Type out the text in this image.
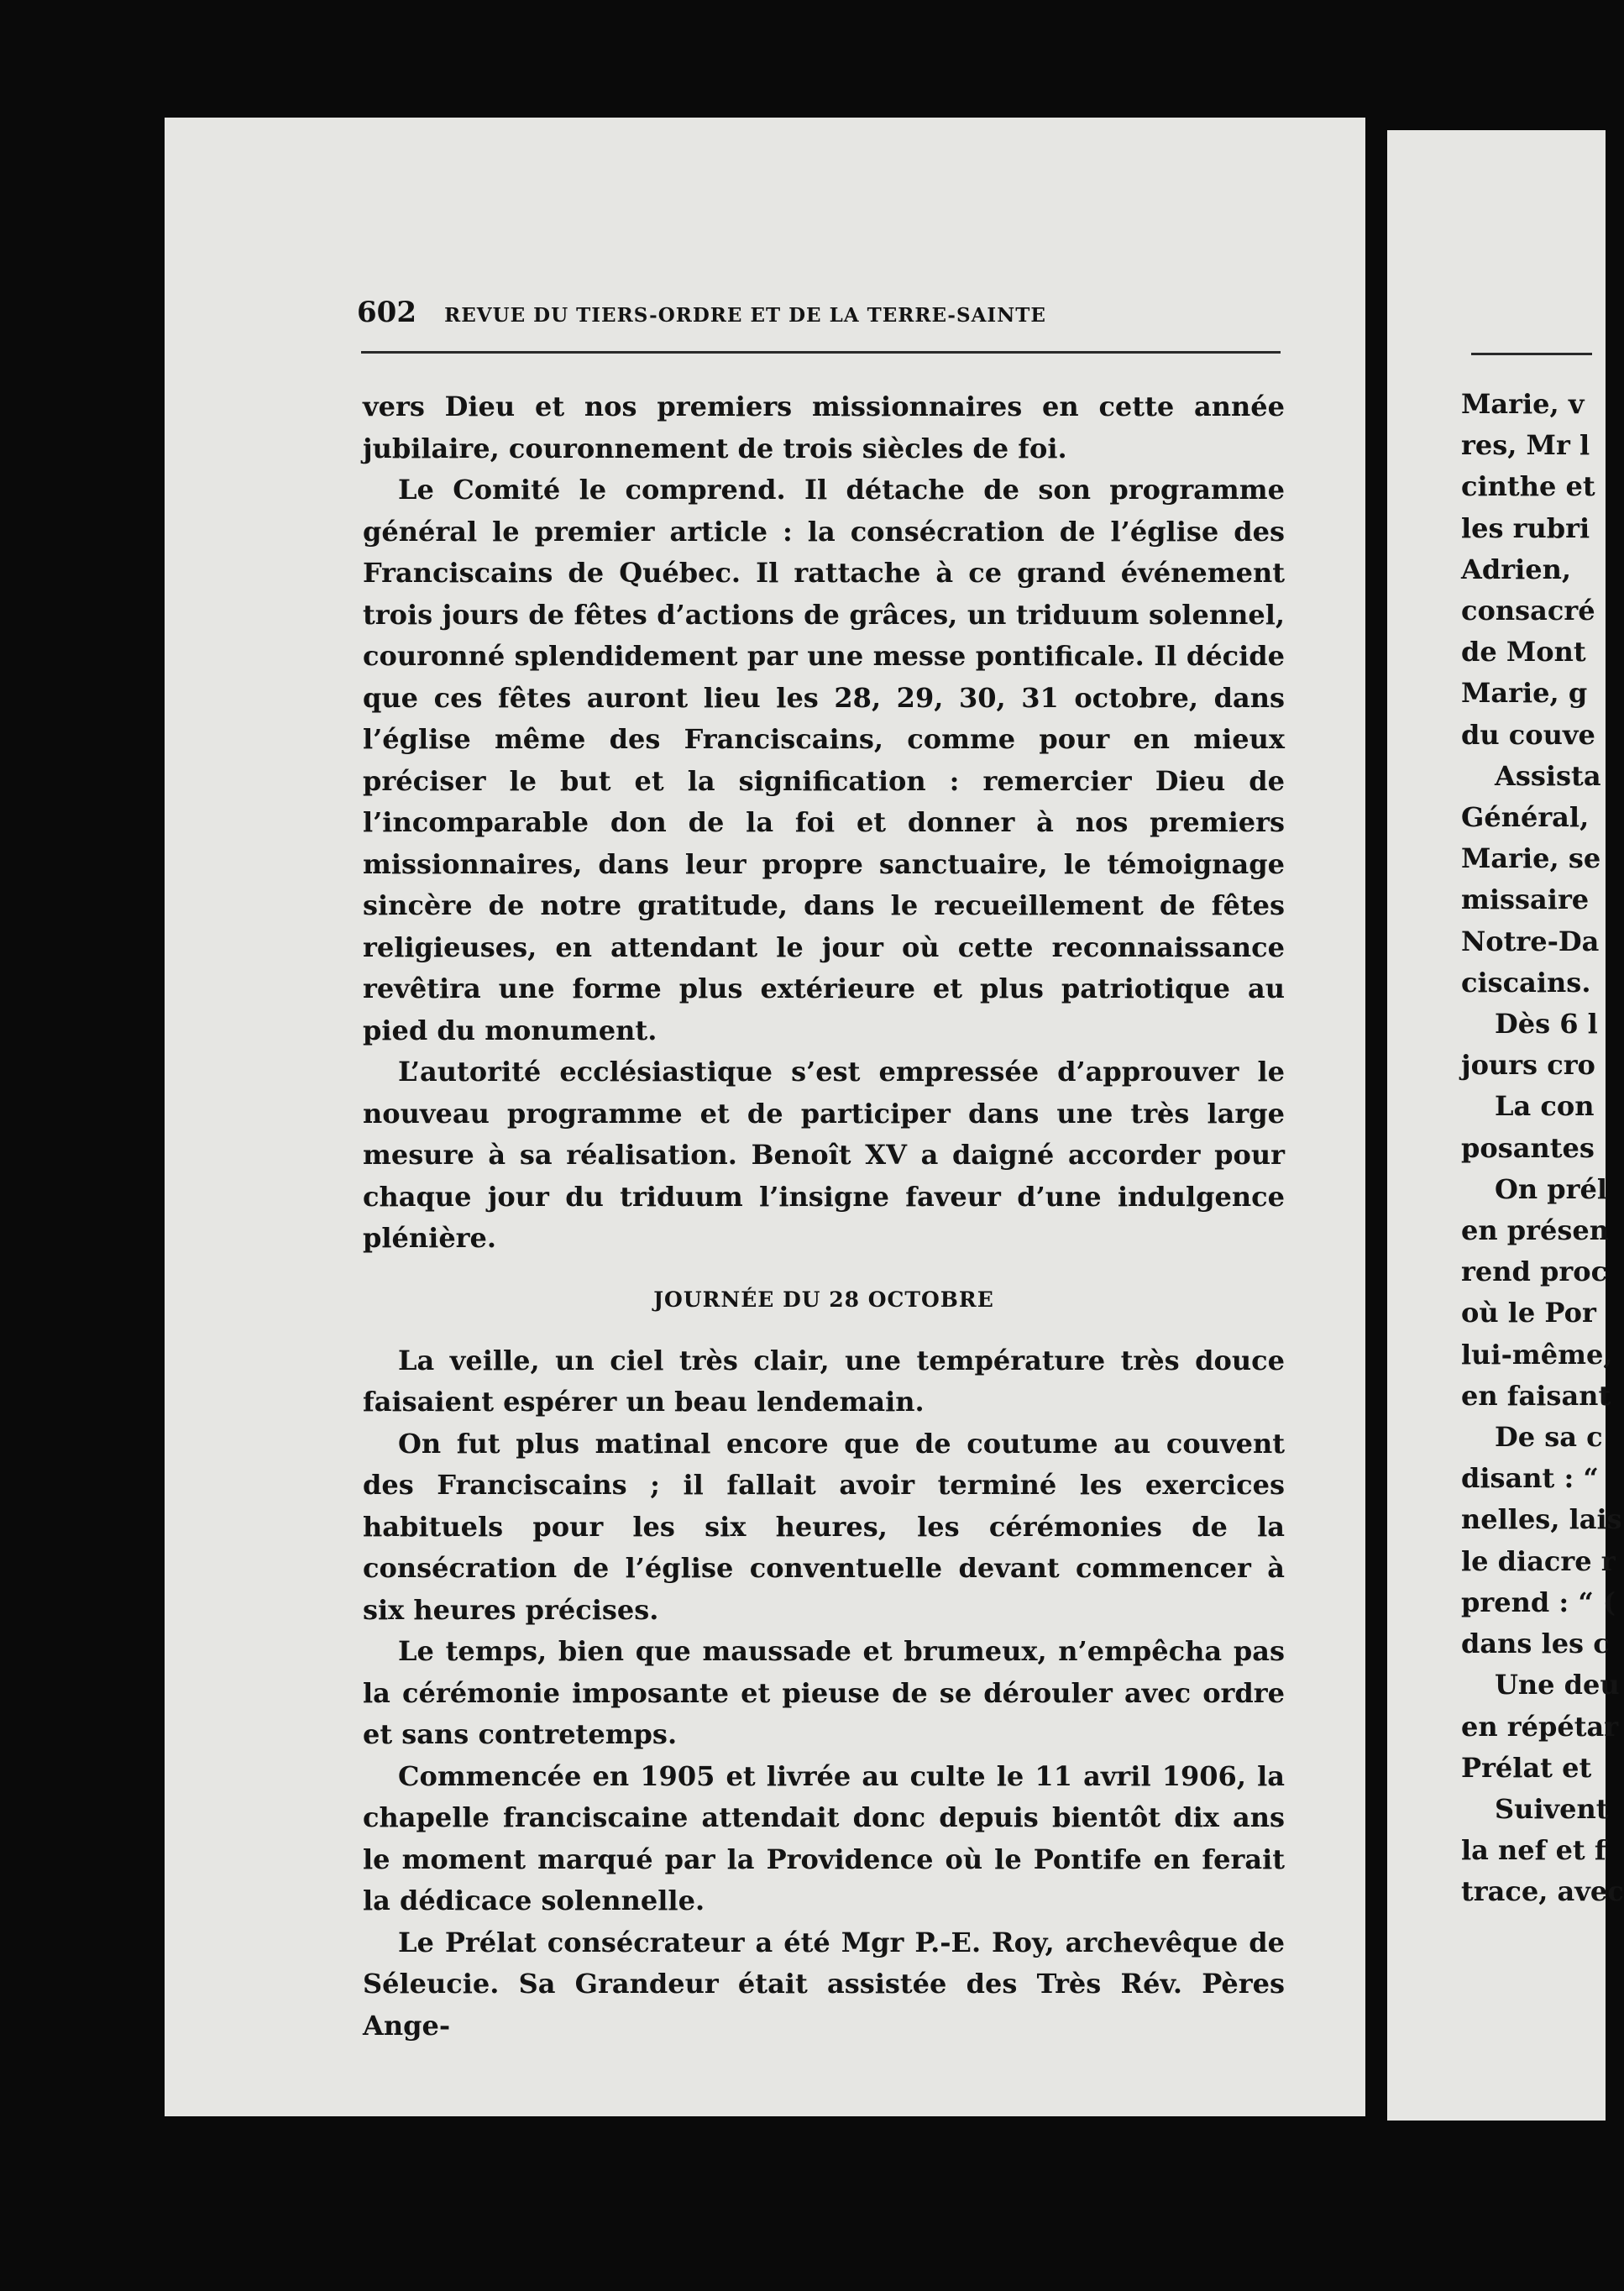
602 REVUE DU TIERS-ORDRE ET DE LA TERRE-SAINTE

vers Dieu et nos premiers missionnaires en cette année jubilaire, couronnement de trois siècles de foi.

Le Comité le comprend. Il détache de son programme général le premier article : la consécration de l’église des Franciscains de Québec. Il rattache à ce grand événement trois jours de fêtes d’actions de grâces, un triduum solennel, couronné splendidement par une messe pontificale. Il décide que ces fêtes auront lieu les 28, 29, 30, 31 octobre, dans l’église même des Franciscains, comme pour en mieux préciser le but et la signification : remercier Dieu de l’incomparable don de la foi et donner à nos premiers missionnaires, dans leur propre sanctuaire, le témoignage sincère de notre gratitude, dans le recueillement de fêtes religieuses, en attendant le jour où cette reconnaissance revêtira une forme plus extérieure et plus patriotique au pied du monument.

L’autorité ecclésiastique s’est empressée d’approuver le nouveau programme et de participer dans une très large mesure à sa réalisation. Benoît XV a daigné accorder pour chaque jour du triduum l’insigne faveur d’une indulgence plénière.

JOURNÉE DU 28 OCTOBRE

La veille, un ciel très clair, une température très douce faisaient espérer un beau lendemain.

On fut plus matinal encore que de coutume au couvent des Franciscains ; il fallait avoir terminé les exercices habituels pour les six heures, les cérémonies de la consécration de l’église conventuelle devant commencer à six heures précises.

Le temps, bien que maussade et brumeux, n’empêcha pas la cérémonie imposante et pieuse de se dérouler avec ordre et sans contretemps.

Commencée en 1905 et livrée au culte le 11 avril 1906, la chapelle franciscaine attendait donc depuis bientôt dix ans le moment marqué par la Providence où le Pontife en ferait la dédicace solennelle.

Le Prélat consécrateur a été Mgr P.-E. Roy, archevêque de Séleucie. Sa Grandeur était assistée des Très Rév. Pères Ange-

Marie, v
res, Mr l
cinthe et
les rubri
Adrien,
consacré
de Mont
Marie, g
du couve
Assista
Général,
Marie, se
missaire
Notre-Da
ciscains.
Dès 6 l
jours cro
La con
posantes
On prél
en présen
rend proc
où le Por
lui-même,
en faisant
De sa c
disant : “
nelles, lais
le diacre r
prend : “ (
dans les c
Une deu
en répétar
Prélat et
Suivent
la nef et f
trace, avec
